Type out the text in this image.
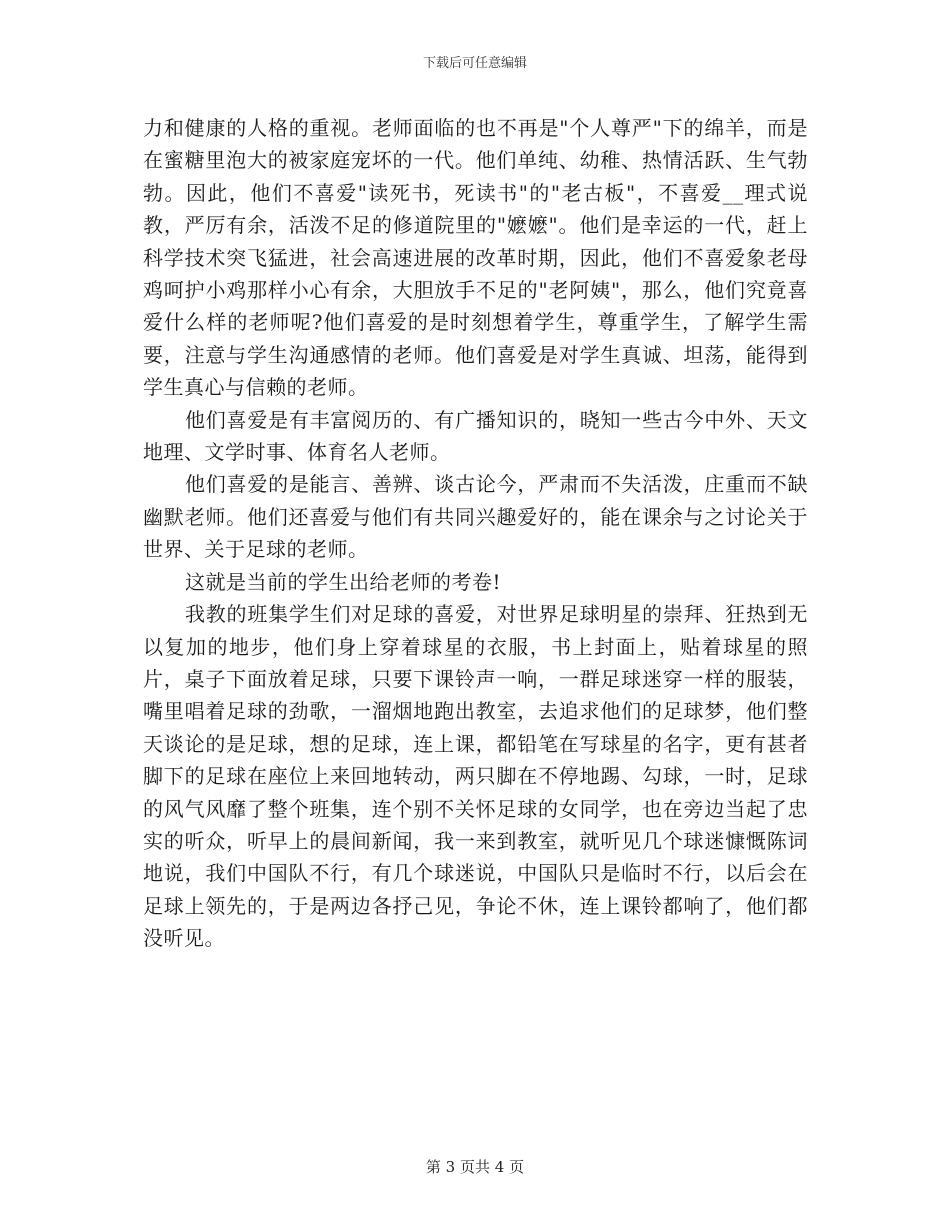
下载后可任意编辑

力和健康的人格的重视。老师面临的也不再是"个人尊严"下的绵羊，而是在蜜糖里泡大的被家庭宠坏的一代。他们单纯、幼稚、热情活跃、生气勃勃。因此，他们不喜爱"读死书，死读书"的"老古板"，不喜爱__理式说教，严厉有余，活泼不足的修道院里的"嬷嬷"。他们是幸运的一代，赶上科学技术突飞猛进，社会高速进展的改革时期，因此，他们不喜爱象老母鸡呵护小鸡那样小心有余，大胆放手不足的"老阿姨"，那么，他们究竟喜爱什么样的老师呢?他们喜爱的是时刻想着学生，尊重学生，了解学生需要，注意与学生沟通感情的老师。他们喜爱是对学生真诚、坦荡，能得到学生真心与信赖的老师。

他们喜爱是有丰富阅历的、有广播知识的，晓知一些古今中外、天文地理、文学时事、体育名人老师。

他们喜爱的是能言、善辨、谈古论今，严肃而不失活泼，庄重而不缺幽默老师。他们还喜爱与他们有共同兴趣爱好的，能在课余与之讨论关于世界、关于足球的老师。

这就是当前的学生出给老师的考卷!

我教的班集学生们对足球的喜爱，对世界足球明星的崇拜、狂热到无以复加的地步，他们身上穿着球星的衣服，书上封面上，贴着球星的照片，桌子下面放着足球，只要下课铃声一响，一群足球迷穿一样的服装，嘴里唱着足球的劲歌，一溜烟地跑出教室，去追求他们的足球梦，他们整天谈论的是足球，想的足球，连上课，都铅笔在写球星的名字，更有甚者脚下的足球在座位上来回地转动，两只脚在不停地踢、勾球，一时，足球的风气风靡了整个班集，连个别不关怀足球的女同学，也在旁边当起了忠实的听众，听早上的晨间新闻，我一来到教室，就听见几个球迷慷慨陈词地说，我们中国队不行，有几个球迷说，中国队只是临时不行，以后会在足球上领先的，于是两边各抒己见，争论不休，连上课铃都响了，他们都没听见。

第 3 页共 4 页
